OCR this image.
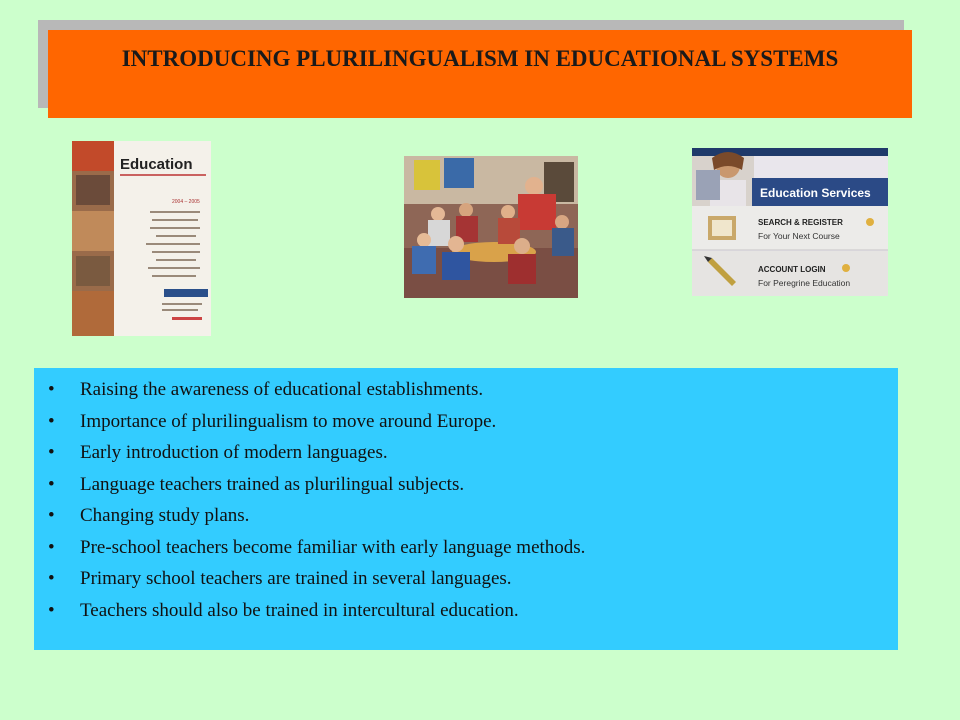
INTRODUCING PLURILINGUALISM IN EDUCATIONAL SYSTEMS
Education
2004 – 2005
Education Services
SEARCH & REGISTER
For Your Next Course
ACCOUNT LOGIN
For Peregrine Education
• Raising the awareness of educational establishments.
• Importance of plurilingualism to move around Europe.
• Early introduction of modern languages.
• Language teachers trained as plurilingual subjects.
• Changing study plans.
• Pre-school teachers become familiar with early language methods.
• Primary school teachers are trained in several languages.
• Teachers should also be trained in intercultural education.
